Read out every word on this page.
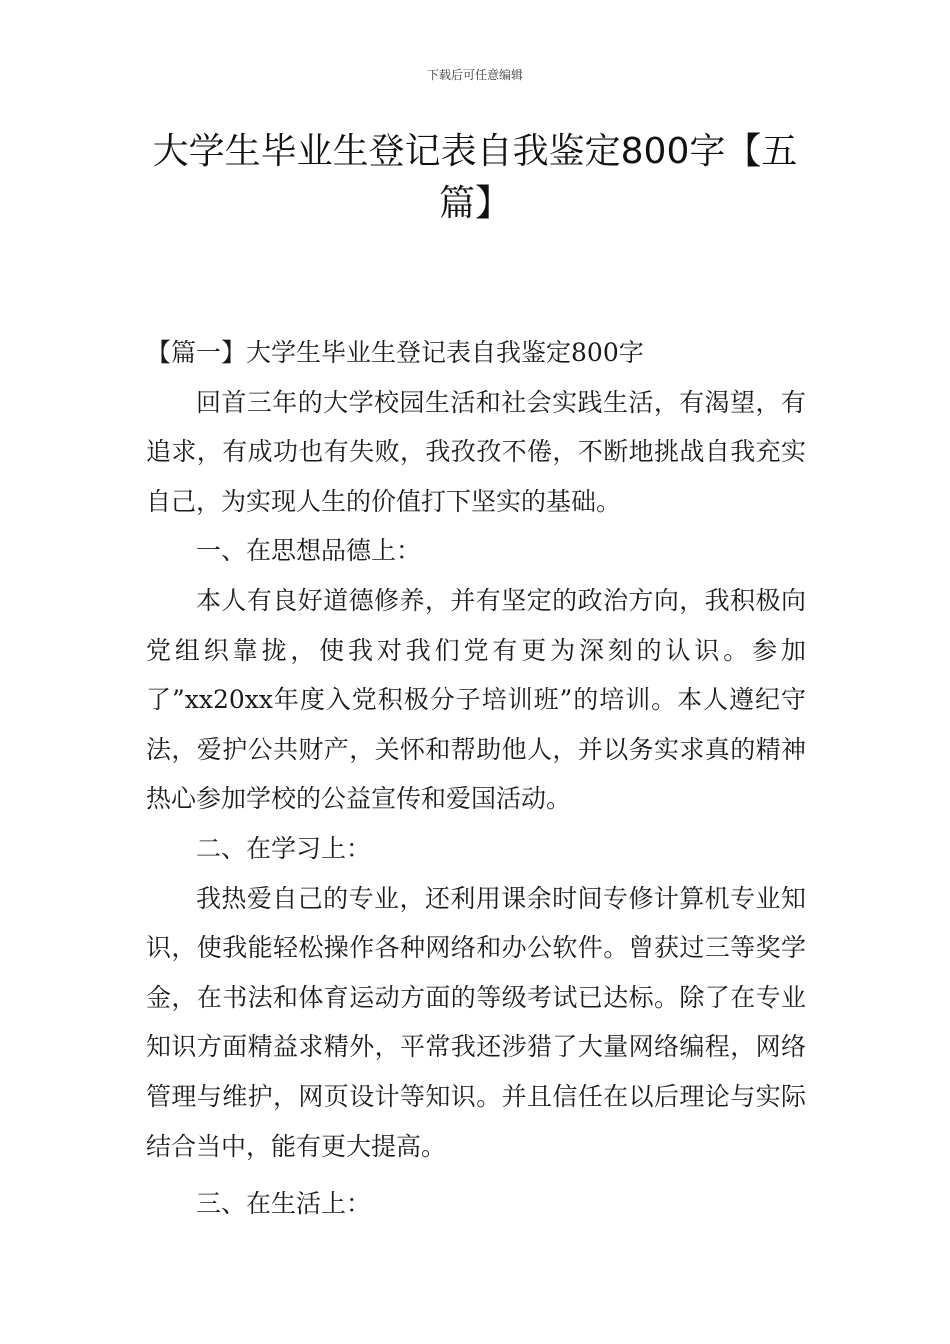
下载后可任意编辑
大学生毕业生登记表自我鉴定800字【五篇】

【篇一】大学生毕业生登记表自我鉴定800字

回首三年的大学校园生活和社会实践生活，有渴望，有追求，有成功也有失败，我孜孜不倦，不断地挑战自我充实自己，为实现人生的价值打下坚实的基础。

一、在思想品德上：

本人有良好道德修养，并有坚定的政治方向，我积极向党组织靠拢，使我对我们党有更为深刻的认识。参加了”xx20xx年度入党积极分子培训班”的培训。本人遵纪守法，爱护公共财产，关怀和帮助他人，并以务实求真的精神热心参加学校的公益宣传和爱国活动。

二、在学习上：

我热爱自己的专业，还利用课余时间专修计算机专业知识，使我能轻松操作各种网络和办公软件。曾获过三等奖学金，在书法和体育运动方面的等级考试已达标。除了在专业知识方面精益求精外，平常我还涉猎了大量网络编程，网络管理与维护，网页设计等知识。并且信任在以后理论与实际结合当中，能有更大提高。

三、在生活上：
